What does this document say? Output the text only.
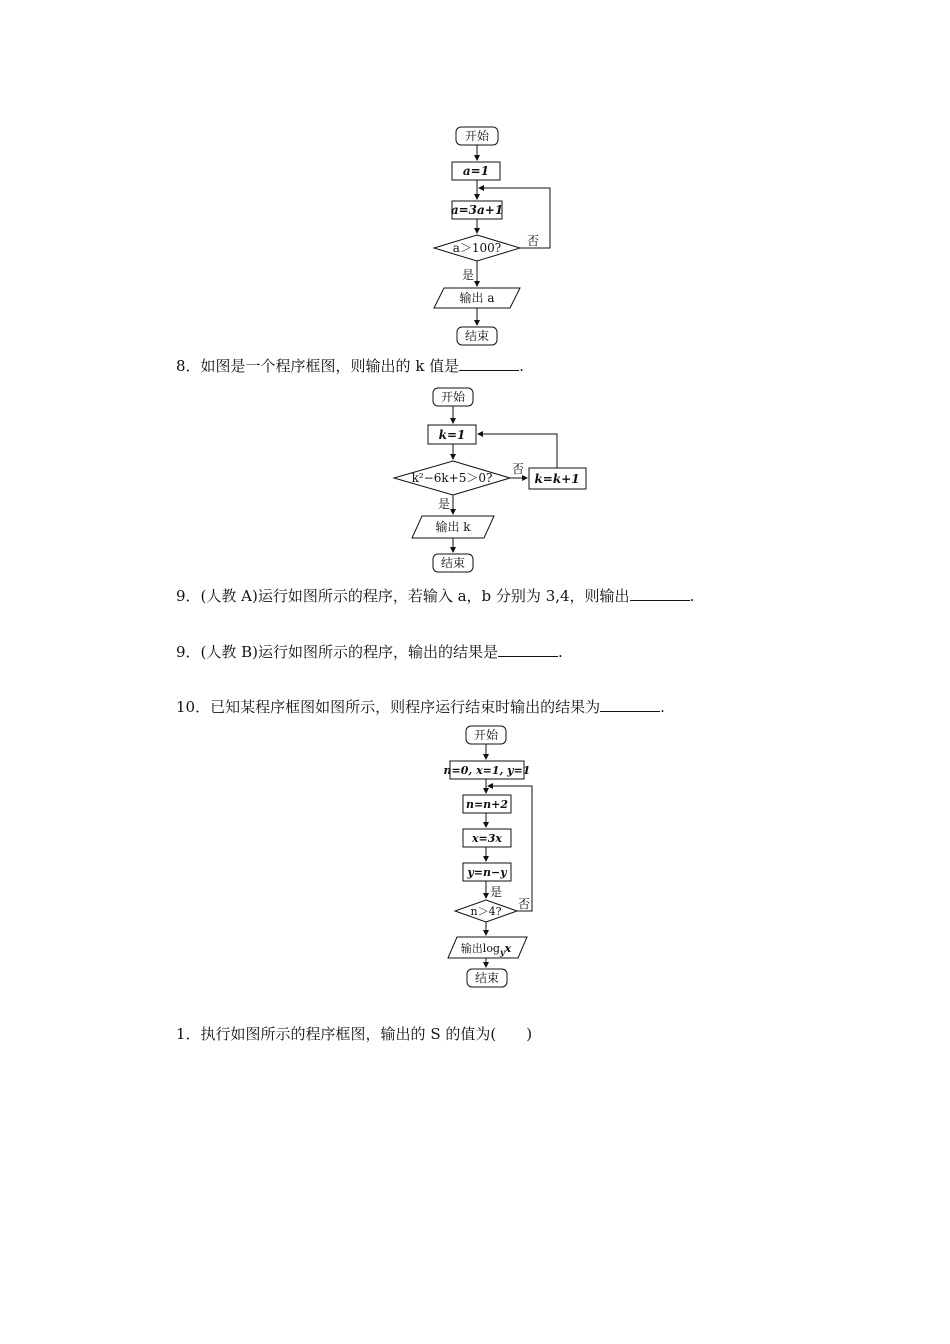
开始
a=1
a=3a+1
a＞100? 否
是
输出 a
结束
8．如图是一个程序框图，则输出的 k 值是	.
开始
k=1
k²−6k+5＞0?
否
k=k+1
是
输出 k
结束
9．(人教 A)运行如图所示的程序，若输入 a，b 分别为 3,4，则输出	.
9．(人教 B)运行如图所示的程序，输出的结果是	.
10．已知某程序框图如图所示，则程序运行结束时输出的结果为	.
开始
n=0, x=1, y=1
n=n+2
x=3x
y=n−y
是
n＞4?
否
输出$\log_yx$
结束
1．执行如图所示的程序框图，输出的 S 的值为( )
